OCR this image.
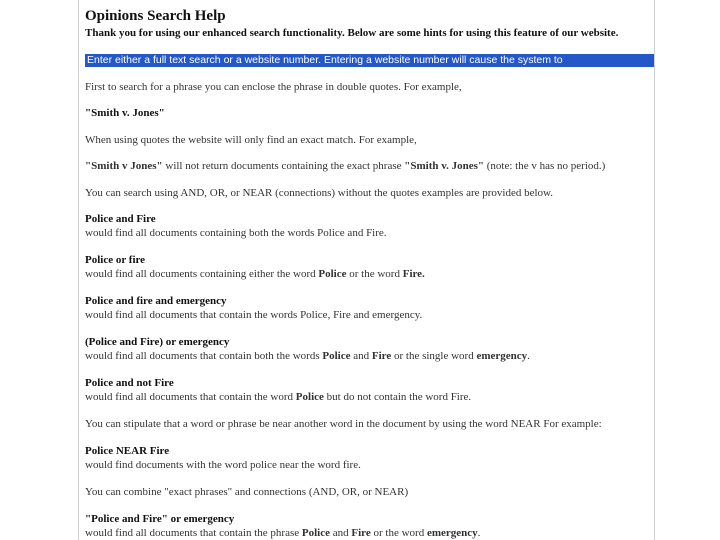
Opinions Search Help
Thank you for using our enhanced search functionality. Below are some hints for using this feature of our website.
Enter either a full text search or a website number. Entering a website number will cause the system to
First to search for a phrase you can enclose the phrase in double quotes. For example,
"Smith v. Jones"
When using quotes the website will only find an exact match. For example,
"Smith v Jones" will not return documents containing the exact phrase "Smith v. Jones" (note: the v has no period.)
You can search using AND, OR, or NEAR (connections) without the quotes examples are provided below.
Police and Fire
would find all documents containing both the words Police and Fire.
Police or fire
would find all documents containing either the word Police or the word Fire.
Police and fire and emergency
would find all documents that contain the words Police, Fire and emergency.
(Police and Fire) or emergency
would find all documents that contain both the words Police and Fire or the single word emergency.
Police and not Fire
would find all documents that contain the word Police but do not contain the word Fire.
You can stipulate that a word or phrase be near another word in the document by using the word NEAR For example:
Police NEAR Fire
would find documents with the word police near the word fire.
You can combine "exact phrases" and connections (AND, OR, or NEAR)
"Police and Fire" or emergency
would find all documents that contain the phrase Police and Fire or the word emergency.
